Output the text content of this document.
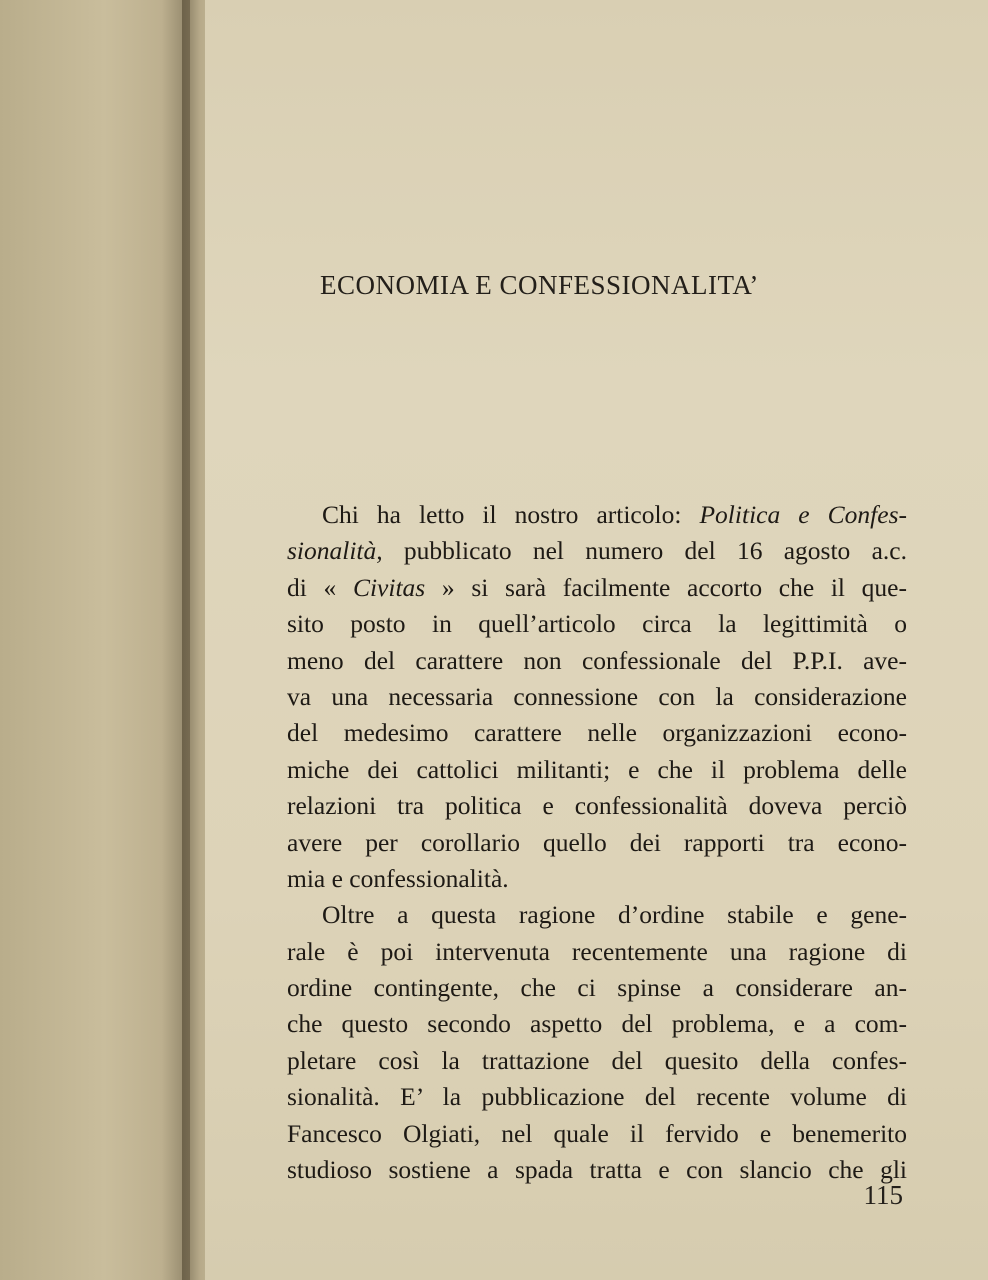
ECONOMIA E CONFESSIONALITA’
Chi ha letto il nostro articolo: Politica e Confes-
sionalità, pubblicato nel numero del 16 agosto a.c.
di « Civitas » si sarà facilmente accorto che il que-
sito posto in quell’articolo circa la legittimità o
meno del carattere non confessionale del P.P.I. ave-
va una necessaria connessione con la considerazione
del medesimo carattere nelle organizzazioni econo-
miche dei cattolici militanti; e che il problema delle
relazioni tra politica e confessionalità doveva perciò
avere per corollario quello dei rapporti tra econo-
mia e confessionalità.
Oltre a questa ragione d’ordine stabile e gene-
rale è poi intervenuta recentemente una ragione di
ordine contingente, che ci spinse a considerare an-
che questo secondo aspetto del problema, e a com-
pletare così la trattazione del quesito della confes-
sionalità. E’ la pubblicazione del recente volume di
Fancesco Olgiati, nel quale il fervido e benemerito
studioso sostiene a spada tratta e con slancio che gli
115
